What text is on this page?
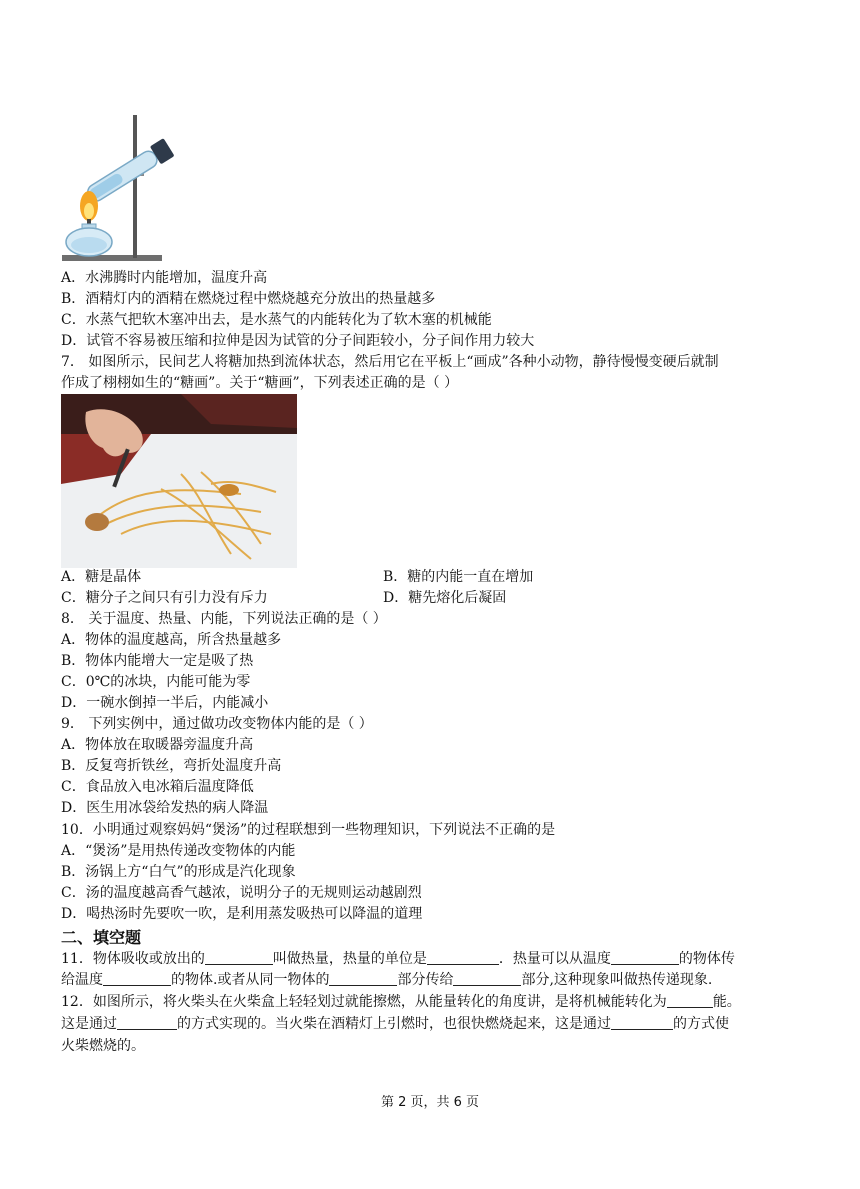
A．水沸腾时内能增加，温度升高
B．酒精灯内的酒精在燃烧过程中燃烧越充分放出的热量越多
C．水蒸气把软木塞冲出去，是水蒸气的内能转化为了软木塞的机械能
D．试管不容易被压缩和拉伸是因为试管的分子间距较小，分子间作用力较大
7． 如图所示，民间艺人将糖加热到流体状态，然后用它在平板上“画成”各种小动物，静待慢慢变硬后就制
作成了栩栩如生的“糖画”。关于“糖画”，下列表述正确的是（ ）
A．糖是晶体	B．糖的内能一直在增加
C．糖分子之间只有引力没有斥力	D．糖先熔化后凝固
8． 关于温度、热量、内能，下列说法正确的是（ ）
A．物体的温度越高，所含热量越多
B．物体内能增大一定是吸了热
C．0℃的冰块，内能可能为零
D．一碗水倒掉一半后，内能减小
9． 下列实例中，通过做功改变物体内能的是（ ）
A．物体放在取暖器旁温度升高
B．反复弯折铁丝，弯折处温度升高
C．食品放入电冰箱后温度降低
D．医生用冰袋给发热的病人降温
10．小明通过观察妈妈“煲汤”的过程联想到一些物理知识，下列说法不正确的是
A．“煲汤”是用热传递改变物体的内能
B．汤锅上方“白气”的形成是汽化现象
C．汤的温度越高香气越浓，说明分子的无规则运动越剧烈
D．喝热汤时先要吹一吹，是利用蒸发吸热可以降温的道理
二、填空题
11．物体吸收或放出的	叫做热量，热量的单位是	．热量可以从温度	的物体传
给温度	的物体.或者从同一物体的	部分传给	部分,这种现象叫做热传递现象.
12．如图所示，将火柴头在火柴盒上轻轻划过就能擦燃，从能量转化的角度讲，是将机械能转化为	能。
这是通过	的方式实现的。当火柴在酒精灯上引燃时，也很快燃烧起来，这是通过	的方式使
火柴燃烧的。
第 2 页，共 6 页
